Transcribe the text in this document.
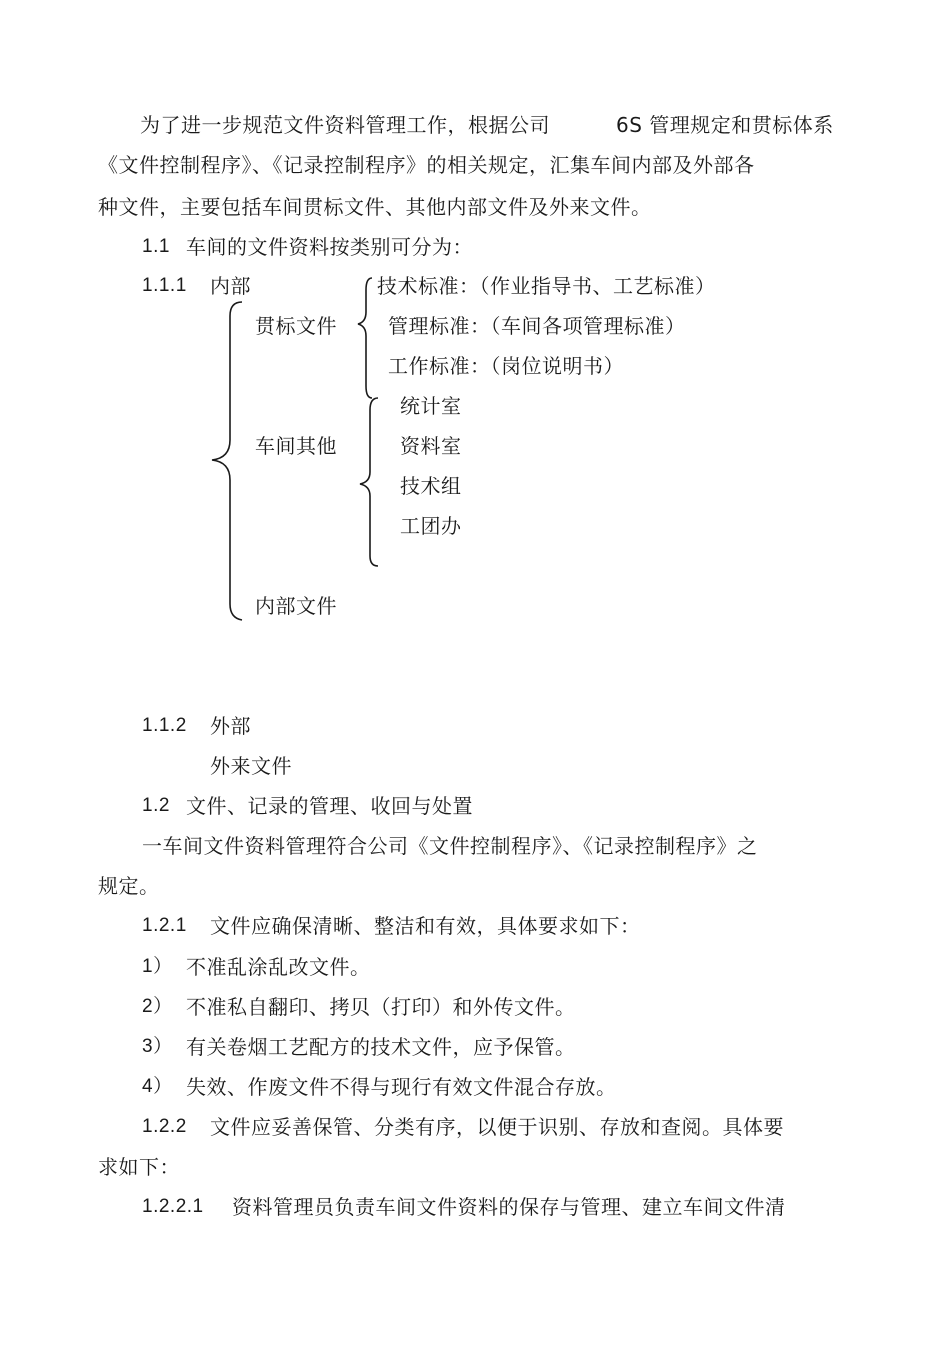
为了进一步规范文件资料管理工作，根据公司	6S 管理规定和贯标体系
《文件控制程序》、《记录控制程序》的相关规定，汇集车间内部及外部各
种文件，主要包括车间贯标文件、其他内部文件及外来文件。
1.1 车间的文件资料按类别可分为：
1.1.1 内部
贯标文件
车间其他
内部文件
技术标准：（作业指导书、工艺标准）
管理标准：（车间各项管理标准）
工作标准：（岗位说明书）
统计室
资料室
技术组
工团办
1.1.2 外部
外来文件
1.2 文件、记录的管理、收回与处置
一车间文件资料管理符合公司《文件控制程序》、《记录控制程序》之
规定。
1.2.1 文件应确保清晰、整洁和有效，具体要求如下：
1） 不准乱涂乱改文件。
2） 不准私自翻印、拷贝（打印）和外传文件。
3） 有关卷烟工艺配方的技术文件，应予保管。
4） 失效、作废文件不得与现行有效文件混合存放。
1.2.2 文件应妥善保管、分类有序，以便于识别、存放和查阅。具体要
求如下：
1.2.2.1 资料管理员负责车间文件资料的保存与管理、建立车间文件清
